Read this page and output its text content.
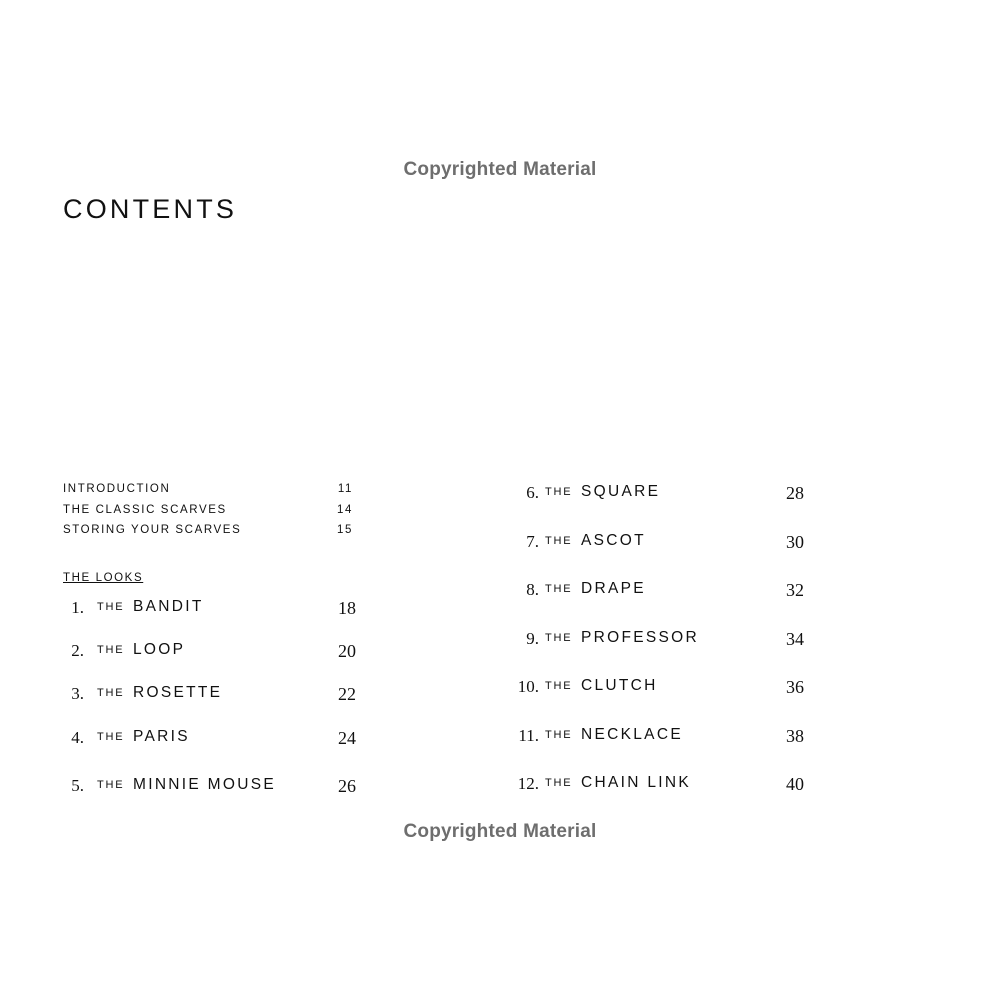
Copyrighted Material
CONTENTS
INTRODUCTION	11
THE CLASSIC SCARVES	14
STORING YOUR SCARVES	15
THE LOOKS
1. THE BANDIT	18
2. THE LOOP	20
3. THE ROSETTE	22
4. THE PARIS	24
5. THE MINNIE MOUSE	26
6. THE SQUARE	28
7. THE ASCOT	30
8. THE DRAPE	32
9. THE PROFESSOR	34
10. THE CLUTCH	36
11. THE NECKLACE	38
12. THE CHAIN LINK	40
Copyrighted Material
